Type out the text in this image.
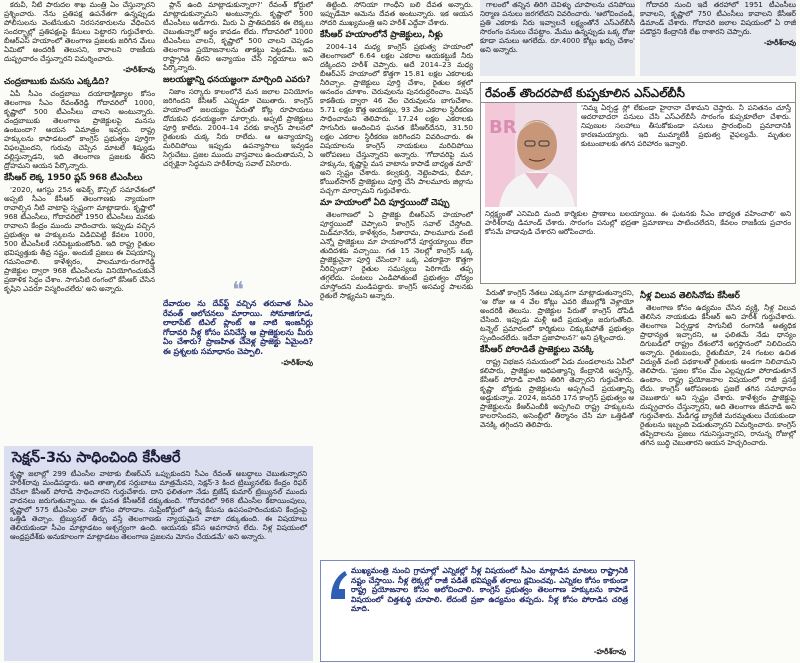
కరువీ, నీటి పారుదల శాఖ మంత్రి ఏం చేస్తున్నారని ప్రశ్నించారు. నేను ప్రతిపక్ష ఉపనేతగా ఉన్నప్పుడు పోలీసులను వెంటేసుకుని నిరసనకారులను వేధించిన సందర్భాల్లో ప్రతిపక్షంపై కేసులు పెట్టారని గుర్తుచేశారు. బీఆర్ఎస్ హయాంలో తెలంగాణ ప్రజలకు జరిగిన మేలు ఏమిటో అందరికీ తెలుసని, కావాలని రాజకీయ దుష్ప్రచారం చేస్తున్నారని విమర్శించారు.
-హరీశ్‌రావు
చంద్రబాబుకు మనసు ఎక్కడిది?
ఏపీ సీఎం చంద్రబాబు దయాదాక్షిణ్యాల కోసం తెలంగాణ సీఎం రేవంత్‌రెడ్డి గోదావరిలో 1000, కృష్ణాలో 500 టీఎంసీలు చాలని అంటున్నారు. చంద్రబాబుకు తెలంగాణ ప్రాజెక్టులపై మనసు ఉంటుందా? ఆయన ఏమాత్రం ఇవ్వరు. రాష్ట్ర హక్కులను కాపాడటంలో కాంగ్రెస్ ప్రభుత్వం పూర్తిగా విఫలమైందని, గురువు చెప్పిన మాటలే శిష్యుడు వల్లిస్తున్నాడని, ఇది తెలంగాణ ప్రజలకు తీరని ద్రోహమని ఆయన పేర్కొన్నారు.
కేసీఆర్ లెక్క 1950 ప్లస్ 968 టీఎంసీలు
'2020, ఆగస్టు 25న అపెక్స్ కౌన్సిల్ సమావేశంలో అప్పటి సీఎం కేసీఆర్ తెలంగాణకు న్యాయంగా రావాల్సిన నీటి వాటాపై స్పష్టంగా మాట్లాడారు. కృష్ణాలో 968 టీఎంసీలు, గోదావరిలో 1950 టీఎంసీలు మనకు రావాలని కేంద్రం ముందు వాదించారు. ఇప్పుడు వచ్చిన ప్రభుత్వం ఆ హక్కులను విడిచిపెట్టి కేవలం 1000, 500 టీఎంసీలకే సరిపెట్టుకుంటోంది. ఇది రాష్ట్ర రైతుల భవిష్యత్తుకు తీవ్ర నష్టం. అందుకే ప్రజలు ఈ విషయాన్ని గమనించాలి. కాళేశ్వరం, పాలమూరు-రంగారెడ్డి ప్రాజెక్టుల ద్వారా 968 టీఎంసీలను వినియోగించుకునే ప్రణాళిక సిద్ధం చేశాం. సాగునీటి రంగంలో కేసీఆర్ చేసిన కృషిని ఎవరూ విస్మరించలేరు' అని అన్నారు.
ప్లాన్ ఉంది మాట్లాడుకున్నారా?' రేవంత్‌ కోర్టులో మాట్లాడుకున్నామని అంటున్నారు. కృష్ణాలో 500 టీఎంసీలు అడిగారు. మీరు ఏ ప్రాతిపదికన ఈ లెక్కలు చెబుతున్నారో అర్థం కావడం లేదు. గోదావరిలో 1000 టీఎంసీలు చాలని, కృష్ణాలో 500 చాలని చెప్పడం తెలంగాణ ప్రయోజనాలను తాకట్టు పెట్టడమే. ఇవి రాష్ట్రానికి తీరని అన్యాయం చేసే నిర్ణయాలు అని పేర్కొన్నారు.
జలయజ్ఞాన్ని ధనయజ్ఞంగా మార్చింది ఎవరు?
నిజాం సర్కారు కాలంలోనే మన జలాల వినియోగం జరిగిందని కేసీఆర్ ఎప్పుడూ చెబుతారు. కాంగ్రెస్ హయాంలో జలయజ్ఞం పేరుతో కోట్ల రూపాయలు దోచుకుని ధనయజ్ఞంగా మార్చారు. అప్పటి ప్రాజెక్టులు పూర్తి కాలేదు. 2004–14 వరకు కాంగ్రెస్ పాలనలో రైతులకు చుక్క నీరు రాలేదు. ఆ అన్యాయాన్ని మరిచిపోయి ఇప్పుడు ఉపన్యాసాలు ఇవ్వడం సిగ్గుచేటు. ప్రజల ముందు వాస్తవాలు ఉంచుతామని, ఏ చర్చకైనా సిద్ధమని హరీశ్‌రావు సవాల్ విసిరారు.
❝
దేవాదుల ను దేవ్‌ఫ్ట్ వచ్చిన తరువాత సీఎం రేవంత్ ఆలోచనలు మారాయి. సోమాజిగూడ, లాలాపేట్ టిఎల్ ప్లాంట్ ఆ నాటి ఇంజనీర్లు గోదావరి నీళ్ల కోసం పనిచేస్తే ఆ ప్రాజెక్టులను మీరు ఏం చేశారు? ప్రాణహిత చేవెళ్ల ప్రాజెక్టు ఏమైంది? ఈ ప్రశ్నలకు సమాధానం చెప్పాలి.
-హరీశ్‌రావు
తిట్టింది. సోనియా గాంధీని బలి దేవత అన్నారు. ఇప్పుడేమో ఆమెను దేవత అంటున్నారు. ఇక ఆయన సోదరి ముఖ్యమంత్రి అని హరీశ్ ఎద్దేవా చేశారు.
కేసీఆర్ హయాంలోనే ప్రాజెక్టులు, నీళ్లు
2004–14 మధ్య కాంగ్రెస్ ప్రభుత్వ హయాంలో తెలంగాణలో 6.64 లక్షల ఎకరాల ఆయకట్టుకే నీరు దక్కిందని హరీశ్ చెప్పారు. అదే 2014–23 మధ్య బీఆర్ఎస్ హయాంలో కొత్తగా 15.81 లక్షల ఎకరాలకు నీరిచ్చాం. ప్రాజెక్టులు పూర్తి చేశాం, రైతుల కళ్లలో ఆనందం చూశాం. చెరువులను పునరుద్ధరించాం. మిషన్ కాకతీయ ద్వారా 46 వేల చెరువులను బాగుచేశాం. 5.71 లక్షల కొత్త ఆయకట్టు, 93 వేల ఎకరాల స్థిరీకరణ సాధించామని తెలిపారు. 17.24 లక్షల ఎకరాలకు సాగునీరు అందించిన ఘనత కేసీఆర్‌దేనని, 31.50 లక్షల ఎకరాల స్థిరీకరణ జరిగిందని వివరించారు. ఈ విషయాలను కాంగ్రెస్ నాయకులు మరిచిపోయి ఆరోపణలు చేస్తున్నారని అన్నారు. 'గోదావరిపై మన హక్కును, కృష్ణాపై మన వాటాను కాపాడే బాధ్యత మాదే' అని స్పష్టం చేశారు. కల్వకుర్తి, నెట్టెంపాడు, భీమా, కోయిల్‌సాగర్ ప్రాజెక్టులు పూర్తి చేసి పాలమూరు జిల్లాను పచ్చగా మార్చామని గుర్తుచేశారు.
మా హయాంలో ఏది పూర్తయిందో చెప్పు
తెలంగాణలో ఏ ప్రాజెక్టు బీఆర్ఎస్ హయాంలో పూర్తయిందో చెప్పాలని కాంగ్రెస్ సవాల్ చేస్తోంది. మిడ్‌మానేరు, కాళేశ్వరం, సీతారామ, పాలమూరు వంటి ఎన్నో ప్రాజెక్టులు మా హయాంలోనే పూర్తయ్యాయి లేదా తుదిదశకు వచ్చాయి. గత 15 నెలల్లో కాంగ్రెస్ ఒక్క ప్రాజెక్టునైనా పూర్తి చేసిందా? ఒక్క ఎకరాకైనా కొత్తగా నీరిచ్చిందా? రైతుల సమస్యలు పెరిగాయే తప్ప తగ్గలేదు. పంటలు ఎండిపోతుంటే ప్రభుత్వం చోద్యం చూస్తోందని మండిపడ్డారు. కాంగ్రెస్ అసమర్థ పాలనకు రైతులే సాక్ష్యమని అన్నారు.
గాలంలో తన్నిన తిరిగి చెవిళ్ళు చూపాలను చనిపోయి నిర్మాణ పనులు జరగలేదని వివరించారు. 'ఆలోచించండి, ప్రతి ఎకరాకు నీరు ఇవ్వాలనే లక్ష్యంతోనే ఎస్ఎల్‌బీసీ సొరంగం పనులు చేపట్టాం. మేము ఉన్నప్పుడు ఒక్క రోజు కూడా పనులు ఆగలేదు. రూ.4000 కోట్లు ఖర్చు చేశాం' అని అన్నారు.
గోదావరి నుంచి ఇదే తరహాలో 1951 టీఎంసీలు కావాలని, కృష్ణాలో 750 టీఎంసీలు కావాలని కేసీఆర్ డిమాండ్ చేశారు. గోదావరి జలాల విషయంలో ఏ రాజీ పడొద్దని కేంద్రానికి లేఖ రాశారని చెప్పారు.
-హరీశ్‌రావు
రేవంత్‌ తొందరపాటే కుప్పకూలిన ఎస్ఎల్‌బీసీ
BR
'నిమ్మ ఏర్పడ్డ స్లో లేకుండా హైరానా చేశామని చెప్తారు. నీ పనితనం చూస్తే ఆదరాబాదరా పనులు చేసి ఎస్ఎల్‌బీసీ సొరంగం కుప్పకూలేలా చేశారు. నిపుణుల సలహాలు తీసుకోకుండా పనులు ప్రారంభించి ప్రమాదానికి కారణమయ్యారు. ఇది ముమ్మాటికీ ప్రభుత్వ వైఫల్యమే. మృతుల కుటుంబాలకు తగిన పరిహారం ఇవ్వాలి.
నిర్లక్ష్యంతో ఎనిమిది మంది కార్మికుల ప్రాణాలు బలయ్యాయి. ఈ ఘటనకు సీఎం బాధ్యత వహించాలి' అని హరీశ్‌రావు డిమాండ్ చేశారు. సొరంగం పనుల్లో భద్రతా ప్రమాణాలు పాటించలేదని, కేవలం రాజకీయ ప్రచారం కోసమే హడావుడి చేశారని ఆరోపించారు.
పేరుతో కాంగ్రెస్ నేతలు ఎక్కువగా మాట్లాడుతున్నారని, 'ఆ రోజు ఆ 4 వేల కోట్లు ఎవరి జేబుల్లోకి వెళ్లాయో అందరికీ తెలుసు. ప్రాజెక్టుల పేరుతో కాంగ్రెస్ దోపిడీ చేసింది. ఇప్పుడు మళ్లీ అదే ప్రయత్నం జరుగుతోంది. టన్నెల్ ప్రమాదంలో కార్మికులు చిక్కుకుపోతే ప్రభుత్వం స్పందించలేదు. ఇదేనా ప్రజాపాలన?' అని ప్రశ్నించారు.
కేసీఆర్ పోరాడితే ప్రాజెక్టులు వెనక్కి
రాష్ట్ర విభజన సమయంలో ఏడు మండలాలను ఏపీలో కలిపారు, ప్రాజెక్టుల ఆధిపత్యాన్ని కేంద్రానికి అప్పగిస్తే, కేసీఆర్ పోరాడి వాటిని తిరిగి తెచ్చారని గుర్తుచేశారు. కృష్ణా బోర్డుకు ప్రాజెక్టులను అప్పగించే ప్రయత్నాన్ని అడ్డుకున్నాం. 2024, జనవరి 17న కాంగ్రెస్ ప్రభుత్వం ఆ ప్రాజెక్టులను కేఆర్ఎంబీకి అప్పగించి రాష్ట్ర హక్కులను కాలరాసిందని, అసెంబ్లీలో తీర్మానం చేసి మా ఒత్తిడితో వెనక్కి తగ్గిందని తెలిపారు.
నీళ్ల విలువ తెలిసినోడు కేసీఆర్
తెలంగాణ కోసం ఉద్యమం చేసిన వ్యక్తి, నీళ్ల విలువ తెలిసిన నాయకుడు కేసీఆర్ అని హరీశ్ గుర్తుచేశారు. తెలంగాణ ఏర్పడ్డాక సాగునీటి రంగానికి అత్యధిక ప్రాధాన్యత ఇచ్చారని, ఆ ఫలితమే నేడు ధాన్యం దిగుబడిలో రాష్ట్రం దేశంలోనే అగ్రస్థానంలో నిలిచిందని అన్నారు. రైతుబంధు, రైతుబీమా, 24 గంటల ఉచిత విద్యుత్ వంటి పథకాలతో రైతులకు అండగా నిలిచామని తెలిపారు. 'ప్రజల కోసం మేం ఎల్లప్పుడూ పోరాడుతూనే ఉంటాం. రాష్ట్ర ప్రయోజనాల విషయంలో రాజీ ప్రసక్తే లేదు. కాంగ్రెస్ ఆరోపణలకు ప్రజలే తగిన సమాధానం చెబుతారు' అని స్పష్టం చేశారు. కాళేశ్వరం ప్రాజెక్టుపై దుష్ప్రచారం చేస్తున్నారని, అది తెలంగాణ జీవనాడి అని గుర్తుచేశారు. మేడిగడ్డ బ్యారేజీ మరమ్మతులు చేయకుండా రైతులను ఇబ్బంది పెడుతున్నారని విమర్శించారు. కాంగ్రెస్ తప్పిదాలను ప్రజలు గమనిస్తున్నారని, రానున్న రోజుల్లో తగిన బుద్ధి చెబుతారని ఆయన హెచ్చరించారు.
సెక్షన్‌-3ను సాధించింది కేసీఆరే
కృష్ణా జలాల్లో 299 టీఎంసీల వాటాకు బీఆర్ఎస్ ఒప్పుకుందని సీఎం రేవంత్ అబద్ధాలు చెబుతున్నారని హరీశ్‌రావు మండిపడ్డారు. అది తాత్కాలిక సర్దుబాటు మాత్రమేనని, సెక్షన్-3 కింద ట్రిబ్యునల్‌కు కేంద్రం రిఫర్ చేసేలా కేసీఆర్ పోరాడి సాధించారని గుర్తుచేశారు. దాని ఫలితంగా నేడు బ్రిజేష్ కుమార్ ట్రిబ్యునల్ ముందు వాదనలు జరుగుతున్నాయి. ఈ ఘనత కేసీఆర్‌కే దక్కుతుంది. 'గోదావరిలో 968 టీఎంసీల కేటాయింపులు, కృష్ణాలో 575 టీఎంసీల వాటా కోసం పోరాడాం. సుప్రీంకోర్టులో ఉన్న కేసును ఉపసంహరించుకుని కేంద్రంపై ఒత్తిడి తెచ్చాం. ట్రిబ్యునల్ తీర్పు వస్తే తెలంగాణకు న్యాయమైన వాటా దక్కుతుంది. ఈ విషయాలు తెలియకుండా సీఎం మాట్లాడటం ఆశ్చర్యంగా ఉంది. ఆయనకు కనీస అవగాహన లేదు. నీళ్ల విషయంలో ఆంధ్రప్రదేశ్‌కు అనుకూలంగా మాట్లాడటం తెలంగాణ ప్రజలను మోసం చేయడమే' అని అన్నారు.
ముఖ్యమంత్రి నుంచి గ్రామాల్లో ఎన్నికల్లో నీళ్ల విషయంలో సీఎం మాట్లాడిన మాటలు రాష్ట్రానికి నష్టం చేస్తాయి. నీళ్ల లెక్కల్లో రాజీ పడితే భవిష్యత్ తరాలు క్షమించవు. ఎన్నికల కోసం కాకుండా రాష్ట్ర ప్రయోజనాల కోసం ఆలోచించాలి. కాంగ్రెస్ ప్రభుత్వం తెలంగాణ హక్కులను కాపాడే విషయంలో చిత్తశుద్ధి చూపాలి. లేదంటే ప్రజా ఉద్యమం తప్పదు. నీళ్ల కోసం పోరాడిన చరిత్ర మాది.
-హరీశ్‌రావు
